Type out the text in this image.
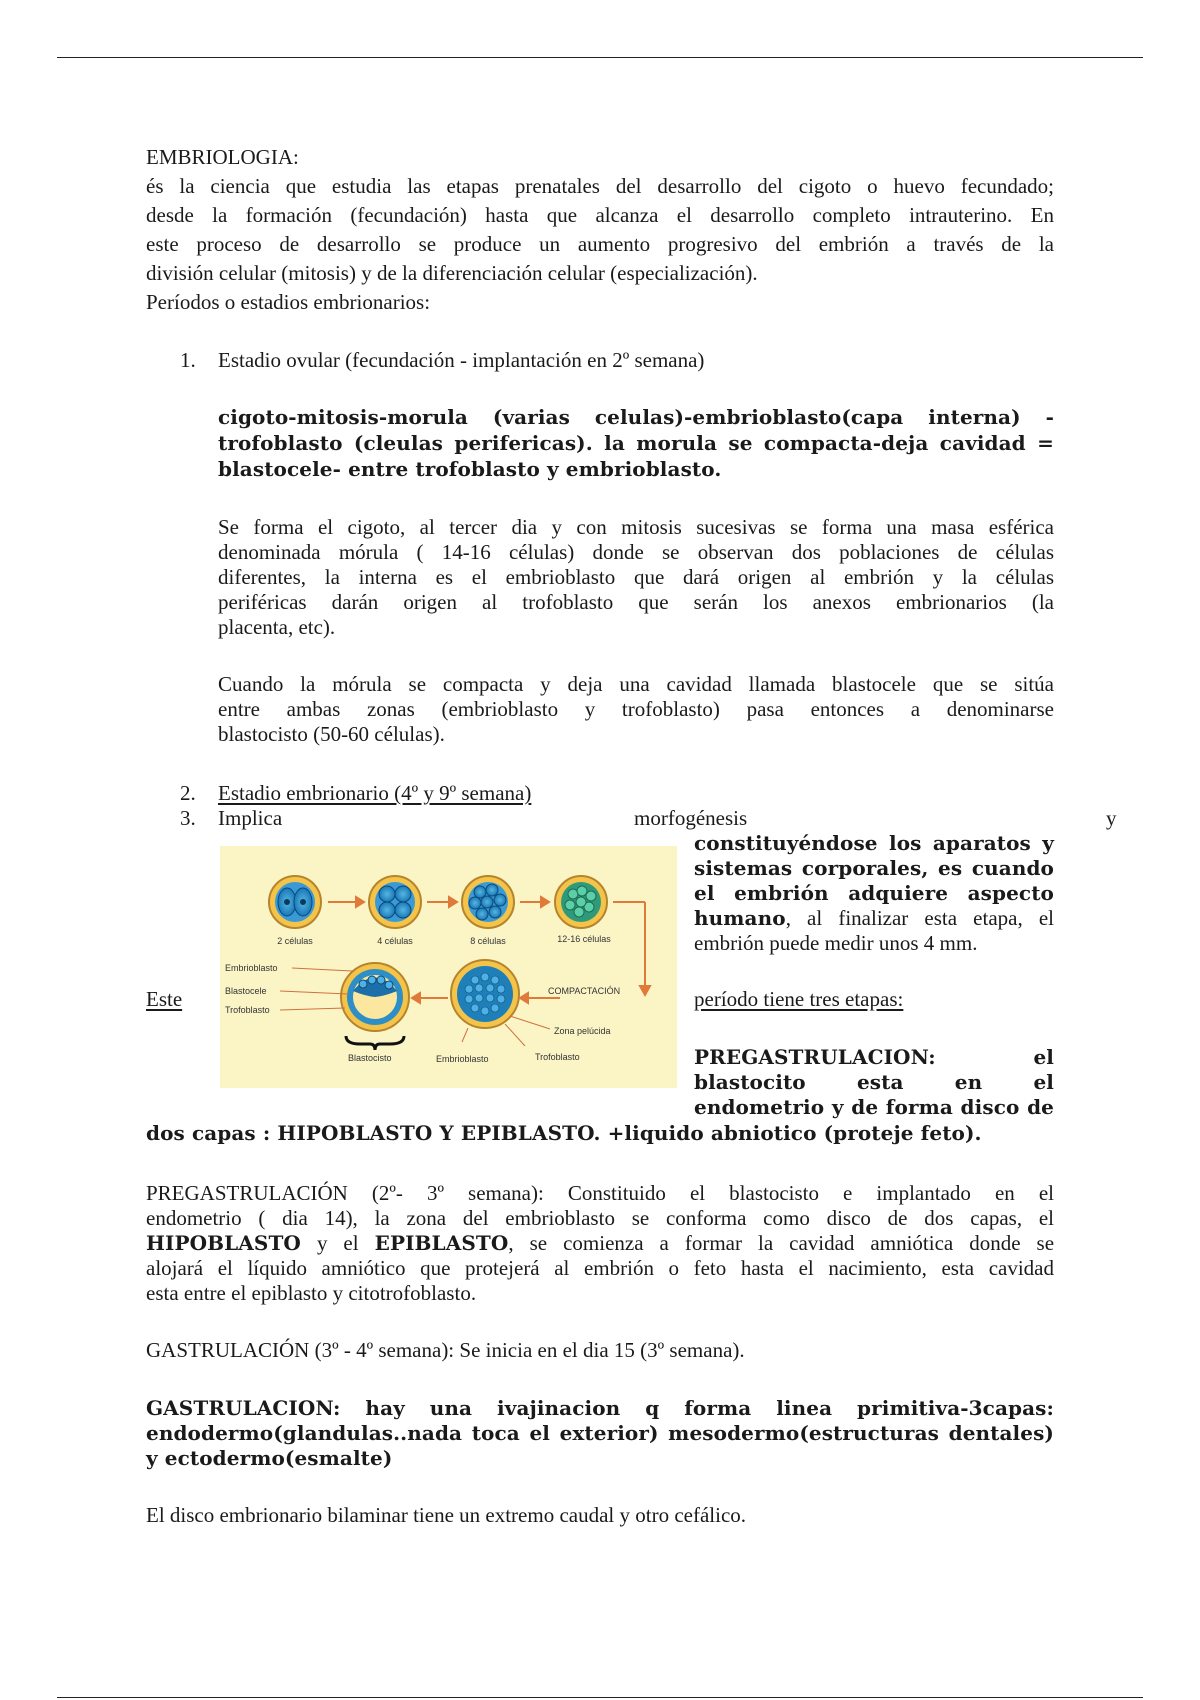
EMBRIOLOGIA:
és la ciencia que estudia las etapas prenatales del desarrollo del cigoto o huevo fecundado;
desde la formación (fecundación) hasta que alcanza el desarrollo completo intrauterino. En
este proceso de desarrollo se produce un aumento progresivo del embrión a través de la
división celular (mitosis) y de la diferenciación celular (especialización).
Períodos o estadios embrionarios:
1. Estadio ovular (fecundación - implantación en 2º semana)
cigoto-mitosis-morula (varias celulas)-embrioblasto(capa interna) -
trofoblasto (cleulas perifericas). la morula se compacta-deja cavidad =
blastocele- entre trofoblasto y embrioblasto.
Se forma el cigoto, al tercer dia y con mitosis sucesivas se forma una masa esférica
denominada mórula ( 14-16 células) donde se observan dos poblaciones de células
diferentes, la interna es el embrioblasto que dará origen al embrión y la células
periféricas darán origen al trofoblasto que serán los anexos embrionarios (la
placenta, etc).
Cuando la mórula se compacta y deja una cavidad llamada blastocele que se sitúa
entre ambas zonas (embrioblasto y trofoblasto) pasa entonces a denominarse
blastocisto (50-60 células).
2. Estadio embrionario (4º y 9º semana)
3. Implica	morfogénesis	y
constituyéndose los aparatos y
sistemas corporales, es cuando
el embrión adquiere aspecto
humano, al finalizar esta etapa, el
embrión puede medir unos 4 mm.
Este	período tiene tres etapas:
PREGASTRULACION: el
blastocito esta en el
endometrio y de forma disco de
dos capas : HIPOBLASTO Y EPIBLASTO. +liquido abniotico (proteje feto).
2 células	4 células	8 células	12-16 células
Embrioblasto
Blastocele
Trofoblasto
COMPACTACIÓN
Zona pelúcida
Blastocisto	Embrioblasto	Trofoblasto
PREGASTRULACIÓN (2º- 3º semana): Constituido el blastocisto e implantado en el
endometrio ( dia 14), la zona del embrioblasto se conforma como disco de dos capas, el
HIPOBLASTO y el EPIBLASTO, se comienza a formar la cavidad amniótica donde se
alojará el líquido amniótico que protejerá al embrión o feto hasta el nacimiento, esta cavidad
esta entre el epiblasto y citotrofoblasto.
GASTRULACIÓN (3º - 4º semana): Se inicia en el dia 15 (3º semana).
GASTRULACION: hay una ivajinacion q forma linea primitiva-3capas:
endodermo(glandulas..nada toca el exterior) mesodermo(estructuras dentales)
y ectodermo(esmalte)
El disco embrionario bilaminar tiene un extremo caudal y otro cefálico.
